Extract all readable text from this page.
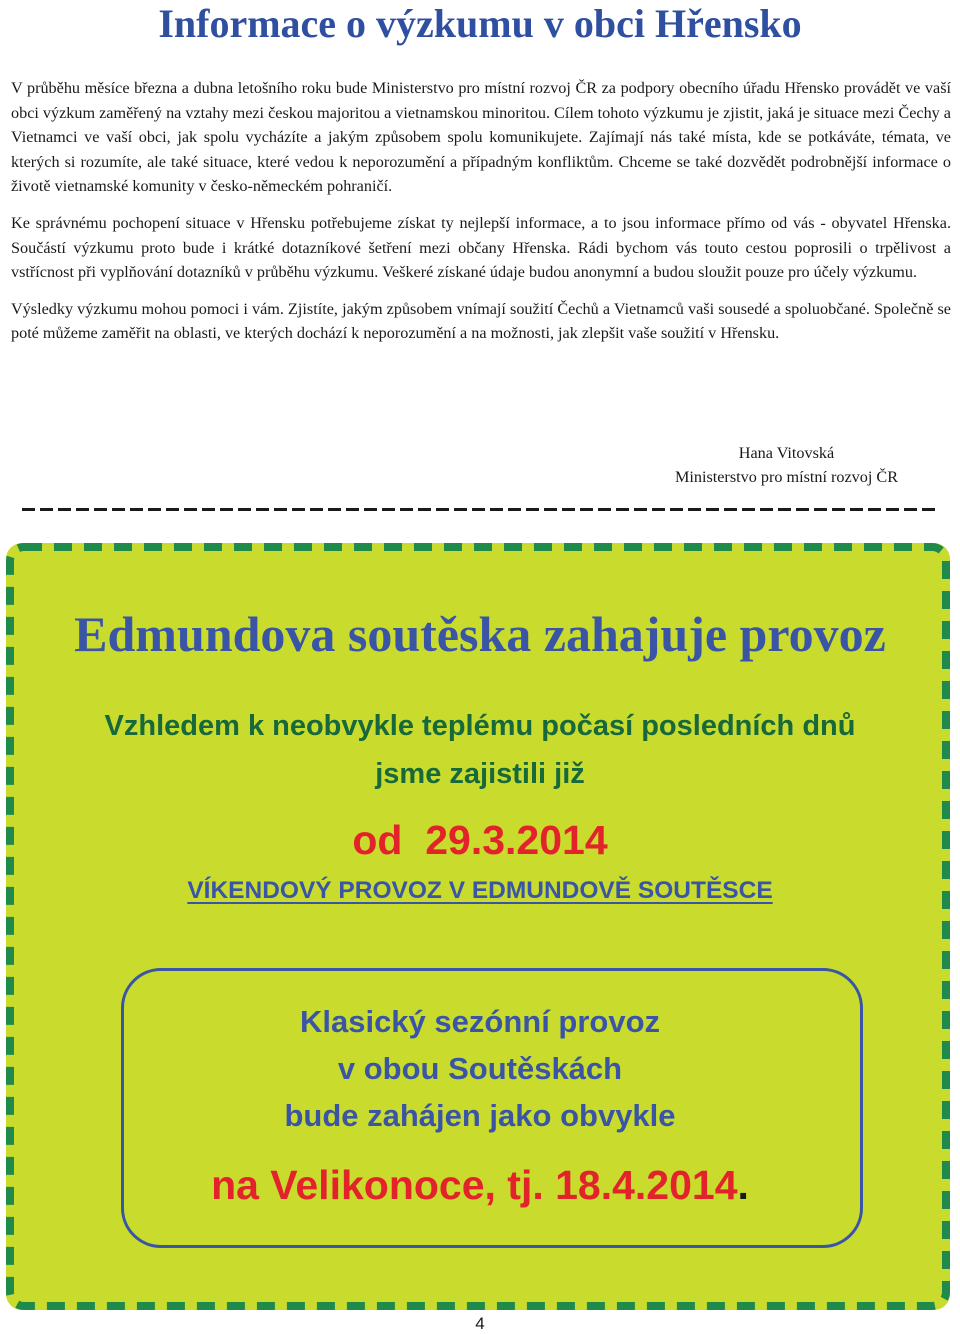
Informace o výzkumu v obci Hřensko

V průběhu měsíce března a dubna letošního roku bude Ministerstvo pro místní rozvoj ČR za podpory obecního úřadu Hřensko provádět ve vaší obci výzkum zaměřený na vztahy mezi českou majoritou a vietnamskou minoritou. Cílem tohoto výzkumu je zjistit, jaká je situace mezi Čechy a Vietnamci ve vaší obci, jak spolu vycházíte a jakým způsobem spolu komunikujete. Zajímají nás také místa, kde se potkáváte, témata, ve kterých si rozumíte, ale také situace, které vedou k neporozumění a případným konfliktům. Chceme se také dozvědět podrobnější informace o životě vietnamské komunity v česko-německém pohraničí.

Ke správnému pochopení situace v Hřensku potřebujeme získat ty nejlepší informace, a to jsou informace přímo od vás - obyvatel Hřenska. Součástí výzkumu proto bude i krátké dotazníkové šetření mezi občany Hřenska. Rádi bychom vás touto cestou poprosili o trpělivost a vstřícnost při vyplňování dotazníků v průběhu výzkumu. Veškeré získané údaje budou anonymní a budou sloužit pouze pro účely výzkumu.

Výsledky výzkumu mohou pomoci i vám. Zjistíte, jakým způsobem vnímají soužití Čechů a Vietnamců vaši sousedé a spoluobčané. Společně se poté můžeme zaměřit na oblasti, ve kterých dochází k neporozumění a na možnosti, jak zlepšit vaše soužití v Hřensku.

Hana Vitovská
Ministerstvo pro místní rozvoj ČR
Edmundova soutěska zahajuje provoz
Vzhledem k neobvykle teplému počasí posledních dnů
jsme zajistili již
od  29.3.2014
VÍKENDOVÝ PROVOZ V EDMUNDOVĚ SOUTĚSCE
Klasický sezónní provoz
v obou Soutěskách
bude zahájen jako obvykle
na Velikonoce, tj. 18.4.2014.
4
